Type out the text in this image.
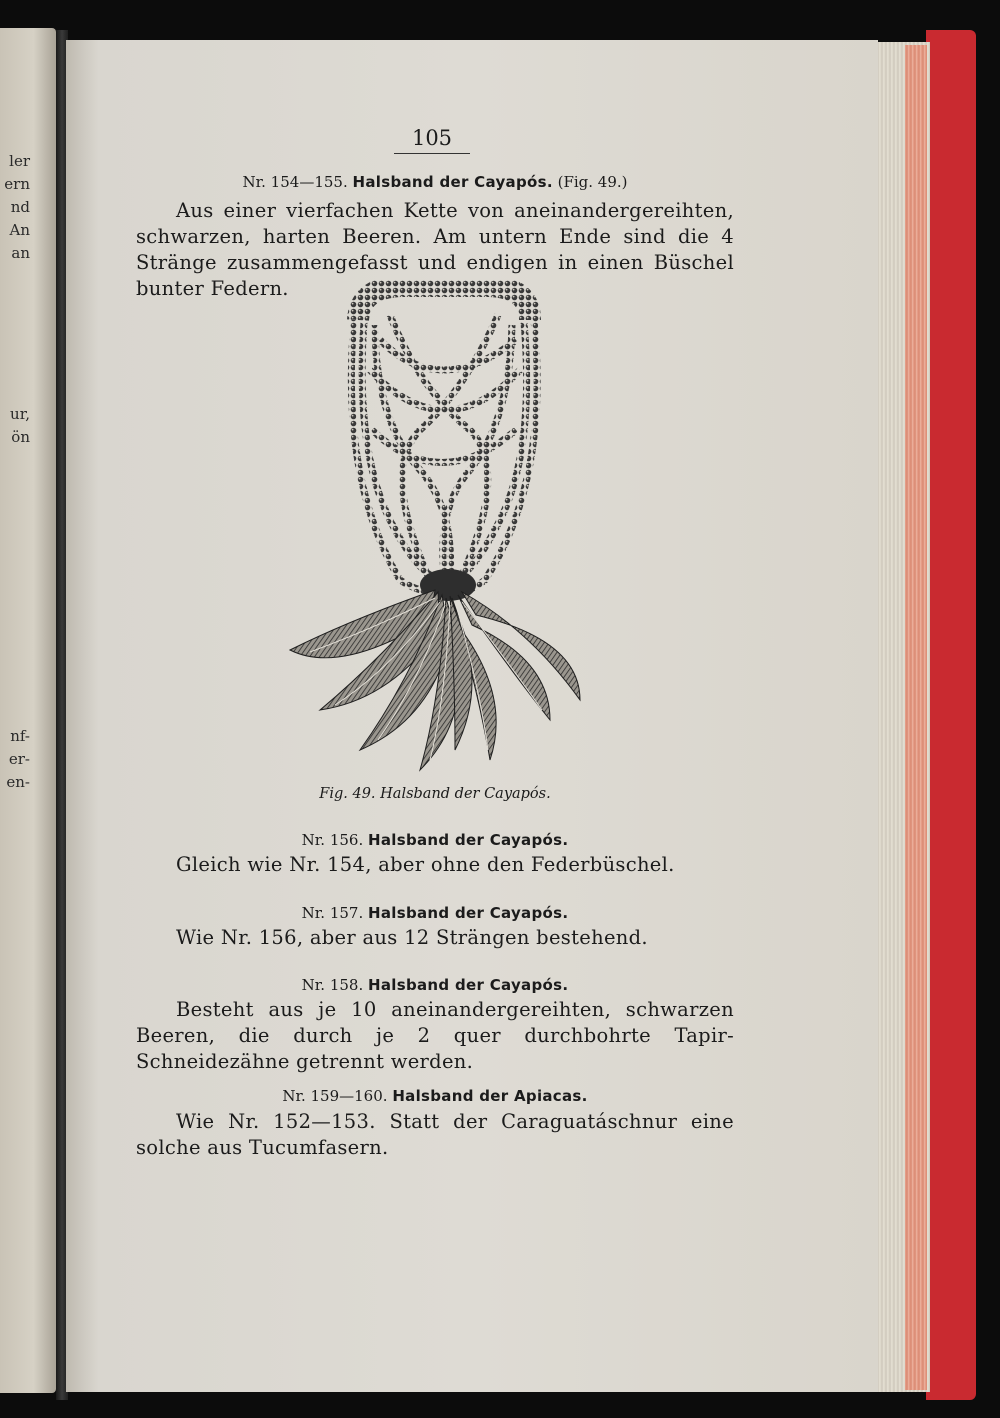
ler
ern
nd
An
an
ur,
ön
nf-
er-
en-
105
Nr. 154—155. Halsband der Cayapós. (Fig. 49.)

Aus einer vierfachen Kette von aneinandergereihten, schwarzen, harten Beeren. Am untern Ende sind die 4 Stränge zusammengefasst und endigen in einen Büschel bunter Federn.

Fig. 49. Halsband der Cayapós.
Nr. 156. Halsband der Cayapós.

Gleich wie Nr. 154, aber ohne den Federbüschel.

Nr. 157. Halsband der Cayapós.

Wie Nr. 156, aber aus 12 Strängen bestehend.

Nr. 158. Halsband der Cayapós.

Besteht aus je 10 aneinandergereihten, schwarzen Beeren, die durch je 2 quer durchbohrte Tapir-Schneidezähne getrennt werden.

Nr. 159—160. Halsband der Apiacas.

Wie Nr. 152—153. Statt der Caraguatáschnur eine solche aus Tucumfasern.
